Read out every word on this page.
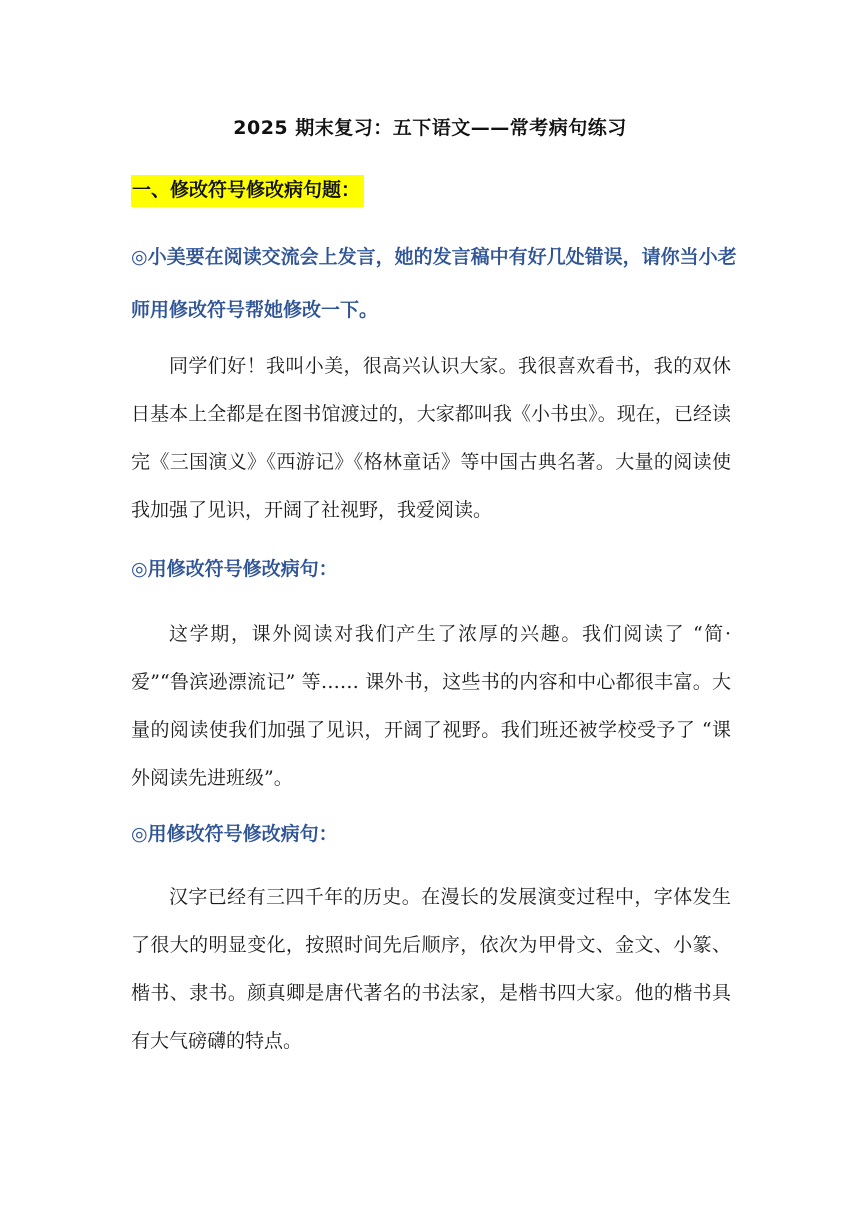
2025 期末复习：五下语文——常考病句练习
一、修改符号修改病句题：

◎小美要在阅读交流会上发言，她的发言稿中有好几处错误，请你当小老师用修改符号帮她修改一下。

同学们好！我叫小美，很高兴认识大家。我很喜欢看书，我的双休日基本上全都是在图书馆渡过的，大家都叫我《小书虫》。现在，已经读完《三国演义》《西游记》《格林童话》等中国古典名著。大量的阅读使我加强了见识，开阔了社视野，我爱阅读。

◎用修改符号修改病句：

这学期，课外阅读对我们产生了浓厚的兴趣。我们阅读了 “简·爱”“鲁滨逊漂流记” 等…… 课外书，这些书的内容和中心都很丰富。大量的阅读使我们加强了见识，开阔了视野。我们班还被学校受予了 “课外阅读先进班级”。

◎用修改符号修改病句：

汉字已经有三四千年的历史。在漫长的发展演变过程中，字体发生了很大的明显变化，按照时间先后顺序，依次为甲骨文、金文、小篆、楷书、隶书。颜真卿是唐代著名的书法家，是楷书四大家。他的楷书具有大气磅礴的特点。
